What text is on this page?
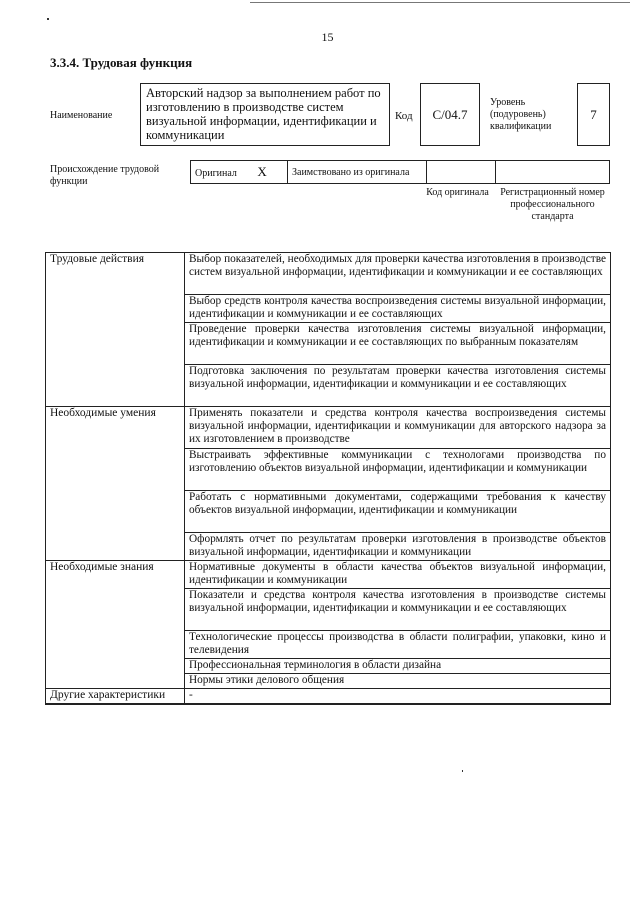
15
3.3.4. Трудовая функция
Наименование
Авторский надзор за выполнением работ по изготовлению в производстве систем визуальной информации, идентификации и коммуникации
Код	С/04.7
Уровень (подуровень) квалификации
7
Происхождение трудовой функции
Оригинал X	Заимствовано из оригинала		
Код оригинала Регистрационный номер профессионального стандарта
Трудовые действия	Выбор показателей, необходимых для проверки качества изготовления в производстве систем визуальной информации, идентификации и коммуникации и ее составляющих
	Выбор средств контроля качества воспроизведения системы визуальной информации, идентификации и коммуникации и ее составляющих
	Проведение проверки качества изготовления системы визуальной информации, идентификации и коммуникации и ее составляющих по выбранным показателям
	Подготовка заключения по результатам проверки качества изготовления системы визуальной информации, идентификации и коммуникации и ее составляющих
Необходимые умения	Применять показатели и средства контроля качества воспроизведения системы визуальной информации, идентификации и коммуникации для авторского надзора за их изготовлением в производстве
	Выстраивать эффективные коммуникации с технологами производства по изготовлению объектов визуальной информации, идентификации и коммуникации
	Работать с нормативными документами, содержащими требования к качеству объектов визуальной информации, идентификации и коммуникации
	Оформлять отчет по результатам проверки изготовления в производстве объектов визуальной информации, идентификации и коммуникации
Необходимые знания	Нормативные документы в области качества объектов визуальной информации, идентификации и коммуникации
	Показатели и средства контроля качества изготовления в производстве системы визуальной информации, идентификации и коммуникации и ее составляющих
	Технологические процессы производства в области полиграфии, упаковки, кино и телевидения
	Профессиональная терминология в области дизайна
	Нормы этики делового общения
Другие характеристики	-
